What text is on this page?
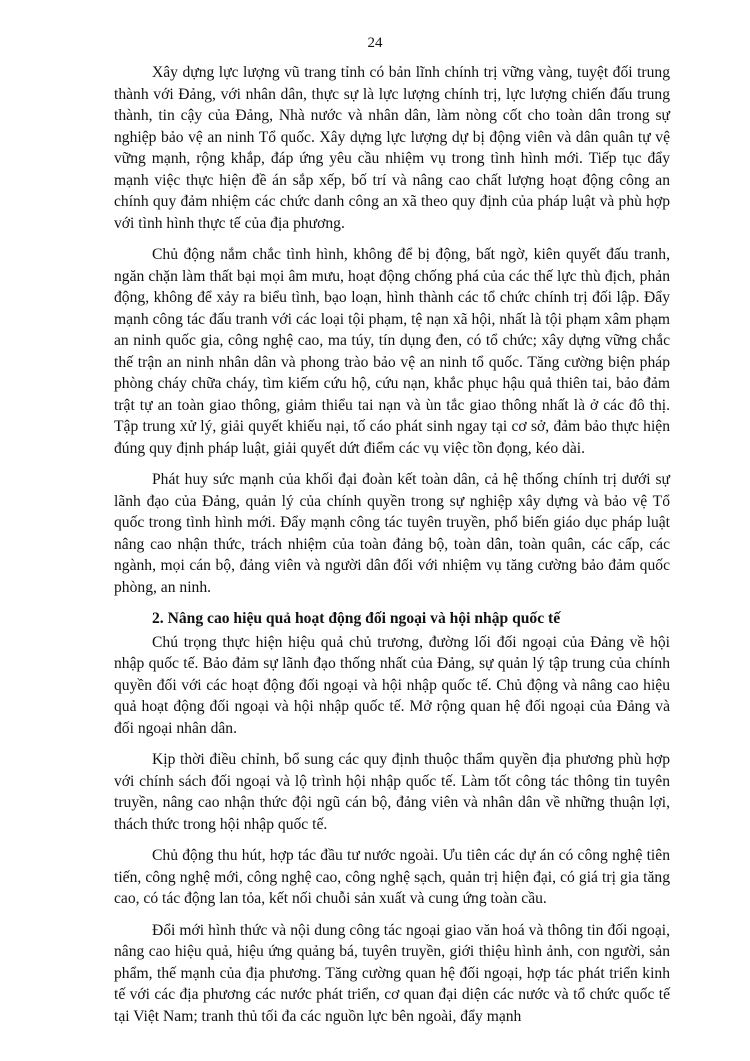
24

Xây dựng lực lượng vũ trang tỉnh có bản lĩnh chính trị vững vàng, tuyệt đối trung thành với Đảng, với nhân dân, thực sự là lực lượng chính trị, lực lượng chiến đấu trung thành, tin cậy của Đảng, Nhà nước và nhân dân, làm nòng cốt cho toàn dân trong sự nghiệp bảo vệ an ninh Tổ quốc. Xây dựng lực lượng dự bị động viên và dân quân tự vệ vững mạnh, rộng khắp, đáp ứng yêu cầu nhiệm vụ trong tình hình mới. Tiếp tục đẩy mạnh việc thực hiện đề án sắp xếp, bố trí và nâng cao chất lượng hoạt động công an chính quy đảm nhiệm các chức danh công an xã theo quy định của pháp luật và phù hợp với tình hình thực tế của địa phương.

Chủ động nắm chắc tình hình, không để bị động, bất ngờ, kiên quyết đấu tranh, ngăn chặn làm thất bại mọi âm mưu, hoạt động chống phá của các thế lực thù địch, phản động, không để xảy ra biểu tình, bạo loạn, hình thành các tổ chức chính trị đối lập. Đẩy mạnh công tác đấu tranh với các loại tội phạm, tệ nạn xã hội, nhất là tội phạm xâm phạm an ninh quốc gia, công nghệ cao, ma túy, tín dụng đen, có tổ chức; xây dựng vững chắc thế trận an ninh nhân dân và phong trào bảo vệ an ninh tổ quốc. Tăng cường biện pháp phòng cháy chữa cháy, tìm kiếm cứu hộ, cứu nạn, khắc phục hậu quả thiên tai, bảo đảm trật tự an toàn giao thông, giảm thiểu tai nạn và ùn tắc giao thông nhất là ở các đô thị. Tập trung xử lý, giải quyết khiếu nại, tố cáo phát sinh ngay tại cơ sở, đảm bảo thực hiện đúng quy định pháp luật, giải quyết dứt điểm các vụ việc tồn đọng, kéo dài.

Phát huy sức mạnh của khối đại đoàn kết toàn dân, cả hệ thống chính trị dưới sự lãnh đạo của Đảng, quản lý của chính quyền trong sự nghiệp xây dựng và bảo vệ Tổ quốc trong tình hình mới. Đẩy mạnh công tác tuyên truyền, phổ biến giáo dục pháp luật nâng cao nhận thức, trách nhiệm của toàn đảng bộ, toàn dân, toàn quân, các cấp, các ngành, mọi cán bộ, đảng viên và người dân đối với nhiệm vụ tăng cường bảo đảm quốc phòng, an ninh.

2. Nâng cao hiệu quả hoạt động đối ngoại và hội nhập quốc tế

Chú trọng thực hiện hiệu quả chủ trương, đường lối đối ngoại của Đảng về hội nhập quốc tế. Bảo đảm sự lãnh đạo thống nhất của Đảng, sự quản lý tập trung của chính quyền đối với các hoạt động đối ngoại và hội nhập quốc tế. Chủ động và nâng cao hiệu quả hoạt động đối ngoại và hội nhập quốc tế. Mở rộng quan hệ đối ngoại của Đảng và đối ngoại nhân dân.

Kịp thời điều chỉnh, bổ sung các quy định thuộc thẩm quyền địa phương phù hợp với chính sách đối ngoại và lộ trình hội nhập quốc tế. Làm tốt công tác thông tin tuyên truyền, nâng cao nhận thức đội ngũ cán bộ, đảng viên và nhân dân về những thuận lợi, thách thức trong hội nhập quốc tế.

Chủ động thu hút, hợp tác đầu tư nước ngoài. Ưu tiên các dự án có công nghệ tiên tiến, công nghệ mới, công nghệ cao, công nghệ sạch, quản trị hiện đại, có giá trị gia tăng cao, có tác động lan tỏa, kết nối chuỗi sản xuất và cung ứng toàn cầu.

Đổi mới hình thức và nội dung công tác ngoại giao văn hoá và thông tin đối ngoại, nâng cao hiệu quả, hiệu ứng quảng bá, tuyên truyền, giới thiệu hình ảnh, con người, sản phẩm, thế mạnh của địa phương. Tăng cường quan hệ đối ngoại, hợp tác phát triển kinh tế với các địa phương các nước phát triển, cơ quan đại diện các nước và tổ chức quốc tế tại Việt Nam; tranh thủ tối đa các nguồn lực bên ngoài, đẩy mạnh
